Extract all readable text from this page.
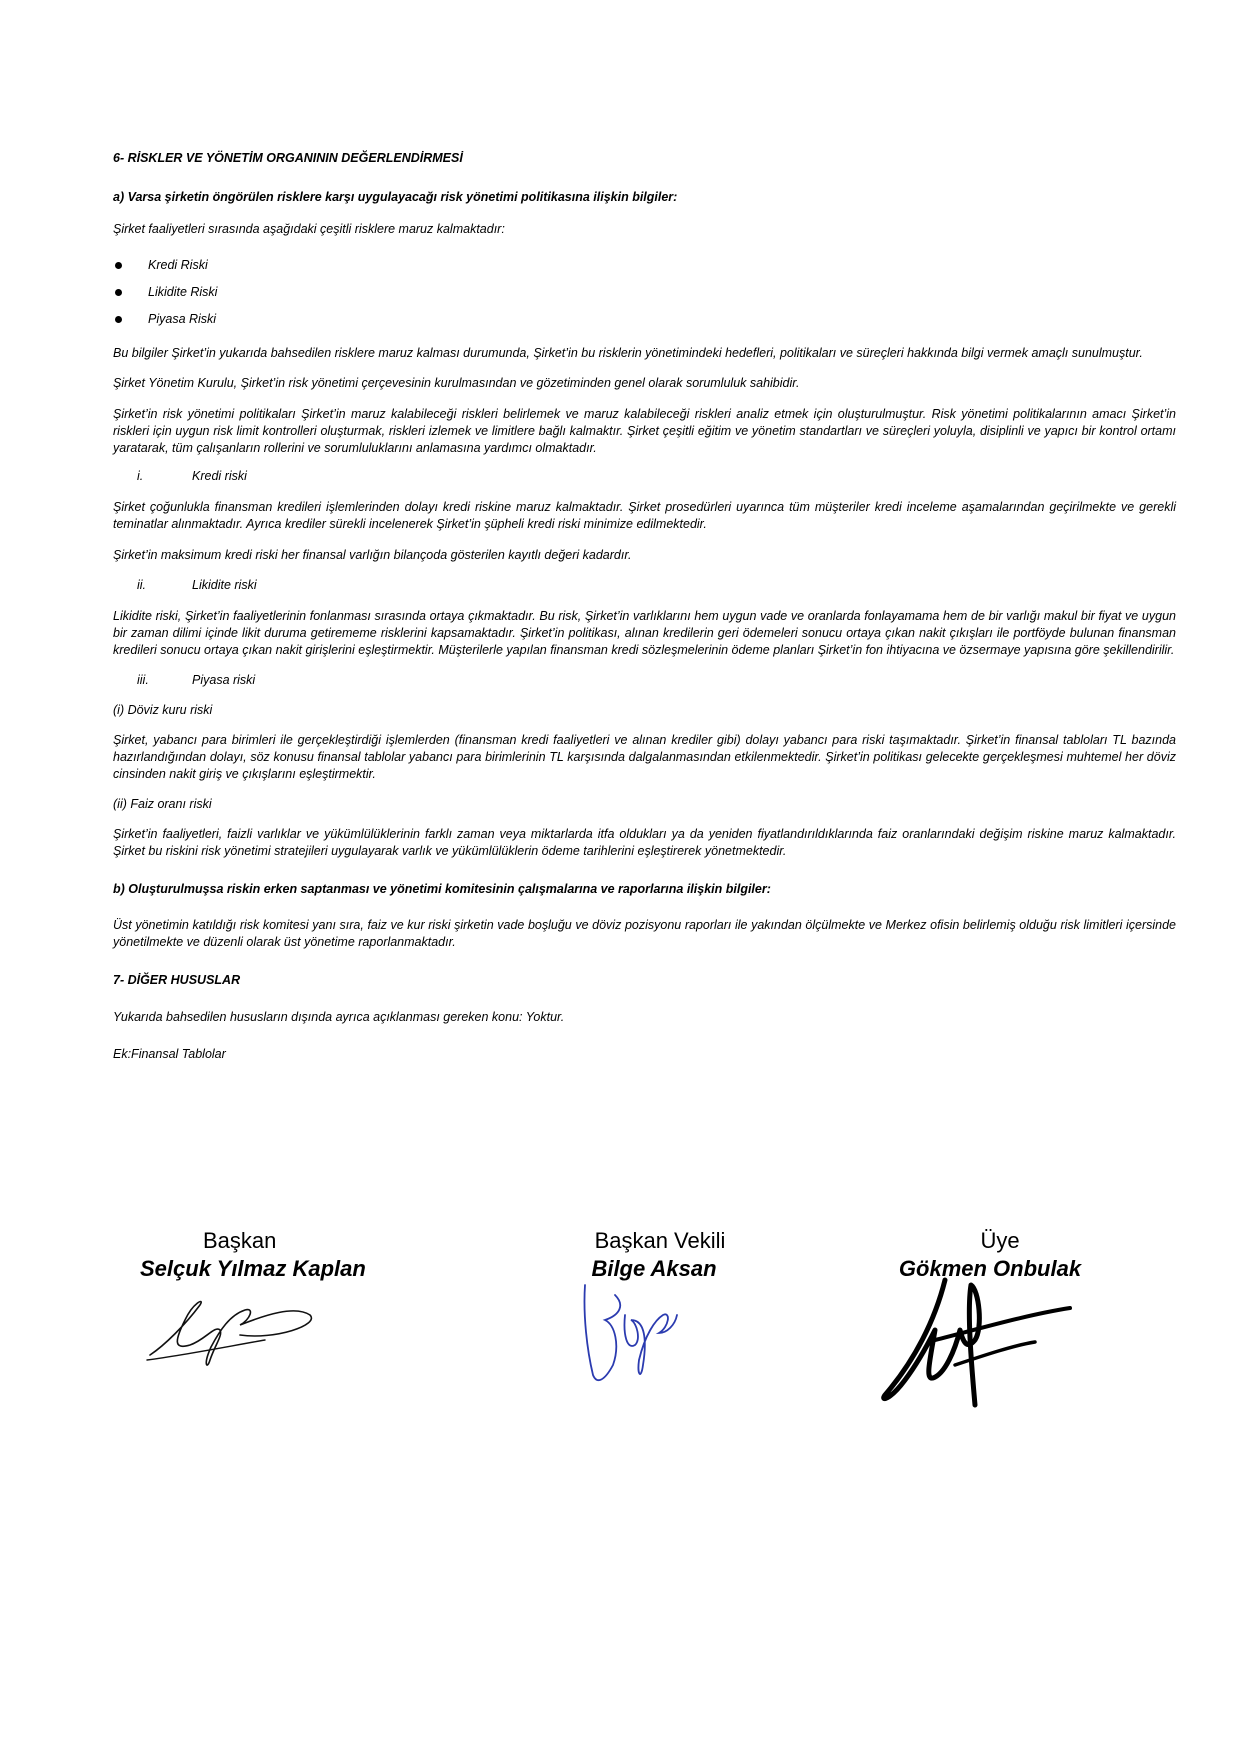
6- RİSKLER VE YÖNETİM ORGANININ DEĞERLENDİRMESİ

a) Varsa şirketin öngörülen risklere karşı uygulayacağı risk yönetimi politikasına ilişkin bilgiler:

Şirket faaliyetleri sırasında aşağıdaki çeşitli risklere maruz kalmaktadır:

Kredi Riski
Likidite Riski
Piyasa Riski

Bu bilgiler Şirket’in yukarıda bahsedilen risklere maruz kalması durumunda, Şirket’in bu risklerin yönetimindeki hedefleri, politikaları ve süreçleri hakkında bilgi vermek amaçlı sunulmuştur.

Şirket Yönetim Kurulu, Şirket’in risk yönetimi çerçevesinin kurulmasından ve gözetiminden genel olarak sorumluluk sahibidir.

Şirket’in risk yönetimi politikaları Şirket’in maruz kalabileceği riskleri belirlemek ve maruz kalabileceği riskleri analiz etmek için oluşturulmuştur. Risk yönetimi politikalarının amacı Şirket’in riskleri için uygun risk limit kontrolleri oluşturmak, riskleri izlemek ve limitlere bağlı kalmaktır. Şirket çeşitli eğitim ve yönetim standartları ve süreçleri yoluyla, disiplinli ve yapıcı bir kontrol ortamı yaratarak, tüm çalışanların rollerini ve sorumluluklarını anlamasına yardımcı olmaktadır.

i.	Kredi riski

Şirket çoğunlukla finansman kredileri işlemlerinden dolayı kredi riskine maruz kalmaktadır. Şirket prosedürleri uyarınca tüm müşteriler kredi inceleme aşamalarından geçirilmekte ve gerekli teminatlar alınmaktadır. Ayrıca krediler sürekli incelenerek Şirket’in şüpheli kredi riski minimize edilmektedir.

Şirket’in maksimum kredi riski her finansal varlığın bilançoda gösterilen kayıtlı değeri kadardır.

ii.	Likidite riski

Likidite riski, Şirket’in faaliyetlerinin fonlanması sırasında ortaya çıkmaktadır. Bu risk, Şirket’in varlıklarını hem uygun vade ve oranlarda fonlayamama hem de bir varlığı makul bir fiyat ve uygun bir zaman dilimi içinde likit duruma getirememe risklerini kapsamaktadır. Şirket’in politikası, alınan kredilerin geri ödemeleri sonucu ortaya çıkan nakit çıkışları ile portföyde bulunan finansman kredileri sonucu ortaya çıkan nakit girişlerini eşleştirmektir. Müşterilerle yapılan finansman kredi sözleşmelerinin ödeme planları Şirket’in fon ihtiyacına ve özsermaye yapısına göre şekillendirilir.

iii.	Piyasa riski

(i) Döviz kuru riski

Şirket, yabancı para birimleri ile gerçekleştirdiği işlemlerden (finansman kredi faaliyetleri ve alınan krediler gibi) dolayı yabancı para riski taşımaktadır. Şirket’in finansal tabloları TL bazında hazırlandığından dolayı, söz konusu finansal tablolar yabancı para birimlerinin TL karşısında dalgalanmasından etkilenmektedir. Şirket’in politikası gelecekte gerçekleşmesi muhtemel her döviz cinsinden nakit giriş ve çıkışlarını eşleştirmektir.

(ii) Faiz oranı riski

Şirket’in faaliyetleri, faizli varlıklar ve yükümlülüklerinin farklı zaman veya miktarlarda itfa oldukları ya da yeniden fiyatlandırıldıklarında faiz oranlarındaki değişim riskine maruz kalmaktadır. Şirket bu riskini risk yönetimi stratejileri uygulayarak varlık ve yükümlülüklerin ödeme tarihlerini eşleştirerek yönetmektedir.

b) Oluşturulmuşsa riskin erken saptanması ve yönetimi komitesinin çalışmalarına ve raporlarına ilişkin bilgiler:

Üst yönetimin katıldığı risk komitesi yanı sıra, faiz ve kur riski şirketin vade boşluğu ve döviz pozisyonu raporları ile yakından ölçülmekte ve Merkez ofisin belirlemiş olduğu risk limitleri içersinde yönetilmekte ve düzenli olarak üst yönetime raporlanmaktadır.

7- DİĞER HUSUSLAR

Yukarıda bahsedilen hususların dışında ayrıca açıklanması gereken konu: Yoktur.

Ek:Finansal Tablolar

Başkan
Selçuk Yılmaz Kaplan
Başkan Vekili
Bilge Aksan
Üye
Gökmen Onbulak
